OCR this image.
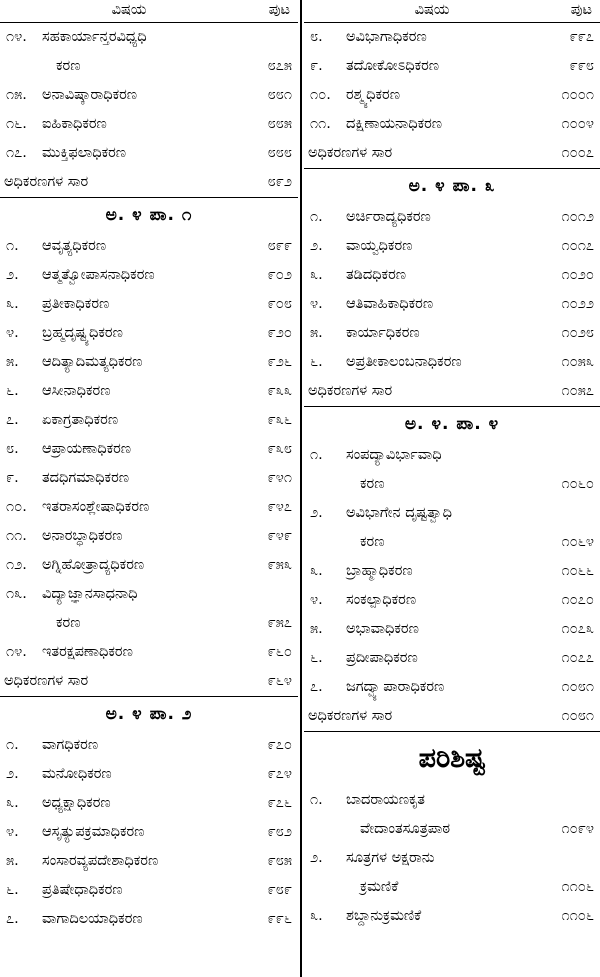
ವಿಷಯ	ಪುಟ
೧೪. ಸಹಕಾರ್ಯಾನ್ತರವಿಧ್ಯಧಿ
ಕರಣ	೮೭೫
೧೫. ಅನಾವಿಷ್ಕಾರಾಧಿಕರಣ	೮೮೧
೧೬. ಐಹಿಕಾಧಿಕರಣ	೮೮೫
೧೭. ಮುಕ್ತಿಫಲಾಧಿಕರಣ	೮೮೮
ಅಧಿಕರಣಗಳ ಸಾರ	೮೯೨
ಅ. ೪ ಪಾ. ೧
೧. ಆವೃತ್ಯಧಿಕರಣ	೮೯೯
೨. ಆತ್ಮತ್ವೋಪಾಸನಾಧಿಕರಣ	೯೦೨
೩. ಪ್ರತೀಕಾಧಿಕರಣ	೯೦೮
೪. ಬ್ರಹ್ಮದೃಷ್ಟ್ಯಧಿಕರಣ	೯೨೦
೫. ಆದಿತ್ಯಾದಿಮತ್ಯಧಿಕರಣ	೯೨೬
೬. ಆಸೀನಾಧಿಕರಣ	೯೩೩
೭. ಏಕಾಗ್ರತಾಧಿಕರಣ	೯೩೬
೮. ಆಪ್ರಾಯಣಾಧಿಕರಣ	೯೩೮
೯. ತದಧಿಗಮಾಧಿಕರಣ	೯೪೧
೧೦. ಇತರಾಸಂಶ್ಲೇಷಾಧಿಕರಣ	೯೪೭
೧೧. ಅನಾರಬ್ಧಾಧಿಕರಣ	೯೪೯
೧೨. ಅಗ್ನಿಹೋತ್ರಾದ್ಯಧಿಕರಣ	೯೫೩
೧೩. ವಿದ್ಯಾಜ್ಞಾನಸಾಧನಾಧಿ
ಕರಣ	೯೫೭
೧೪. ಇತರಕ್ಷಪಣಾಧಿಕರಣ	೯೬೦
ಅಧಿಕರಣಗಳ ಸಾರ	೯೬೪
ಅ. ೪ ಪಾ. ೨
೧. ವಾಗಧಿಕರಣ	೯೭೦
೨. ಮನೋಧಿಕರಣ	೯೭೪
೩. ಅಧ್ಯಕ್ಷಾಧಿಕರಣ	೯೭೬
೪. ಆಸೃತ್ಯುಪಕ್ರಮಾಧಿಕರಣ	೯೮೨
೫. ಸಂಸಾರವ್ಯಪದೇಶಾಧಿಕರಣ	೯೮೫
೬. ಪ್ರತಿಷೇಧಾಧಿಕರಣ	೯೮೯
೭. ವಾಗಾದಿಲಯಾಧಿಕರಣ	೯೯೬
ವಿಷಯ	ಪುಟ
೮. ಅವಿಭಾಗಾಧಿಕರಣ	೯೯೭
೯. ತದೋಕೋಽಧಿಕರಣ	೯೯೮
೧೦. ರಶ್ಮ್ಯಧಿಕರಣ	೧೦೦೧
೧೧. ದಕ್ಷಿಣಾಯನಾಧಿಕರಣ	೧೦೦೪
ಅಧಿಕರಣಗಳ ಸಾರ	೧೦೦೭
ಅ. ೪ ಪಾ. ೩
೧. ಅರ್ಚಿರಾದ್ಯಧಿಕರಣ	೧೦೧೨
೨. ವಾಯ್ವಧಿಕರಣ	೧೦೧೭
೩. ತಡಿದಧಿಕರಣ	೧೦೨೦
೪. ಆತಿವಾಹಿಕಾಧಿಕರಣ	೧೦೨೨
೫. ಕಾರ್ಯಾಧಿಕರಣ	೧೦೨೮
೬. ಅಪ್ರತೀಕಾಲಂಬನಾಧಿಕರಣ	೧೦೫೩
ಅಧಿಕರಣಗಳ ಸಾರ	೧೦೫೭
ಅ. ೪. ಪಾ. ೪
೧. ಸಂಪದ್ಯಾವಿರ್ಭಾವಾಧಿ
ಕರಣ	೧೦೬೦
೨. ಅವಿಭಾಗೇನ ದೃಷ್ಟತ್ವಾಧಿ
ಕರಣ	೧೦೬೪
೩. ಬ್ರಾಹ್ಮಾಧಿಕರಣ	೧೦೬೬
೪. ಸಂಕಲ್ಪಾಧಿಕರಣ	೧೦೭೦
೫. ಅಭಾವಾಧಿಕರಣ	೧೦೭೩
೬. ಪ್ರದೀಪಾಧಿಕರಣ	೧೦೭೭
೭. ಜಗದ್ವ್ಯಾಪಾರಾಧಿಕರಣ	೧೦೮೧
ಅಧಿಕರಣಗಳ ಸಾರ	೧೦೮೧
ಪರಿಶಿಷ್ಟ
೧. ಬಾದರಾಯಣಕೃತ
ವೇದಾಂತಸೂತ್ರಪಾಠ	೧೦೯೪
೨. ಸೂತ್ರಗಳ ಅಕ್ಷರಾನು
ಕ್ರಮಣಿಕೆ	೧೧೦೬
೩. ಶಬ್ದಾನುಕ್ರಮಣಿಕೆ	೧೧೦೬
